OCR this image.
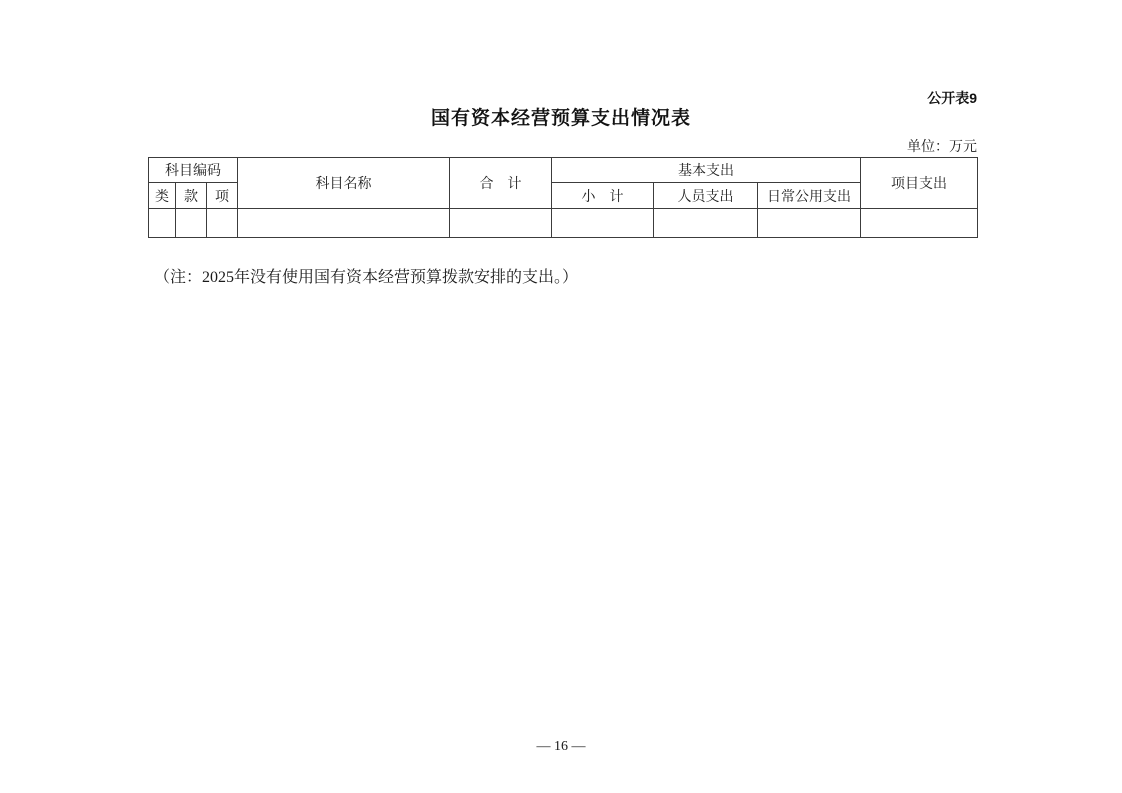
公开表9
国有资本经营预算支出情况表
单位：万元
科目编码			科目名称	合　计	基本支出			项目支出
类	款	项			小　计	人员支出	日常公用支出	

（注：2025年没有使用国有资本经营预算拨款安排的支出。）
— 16 —
